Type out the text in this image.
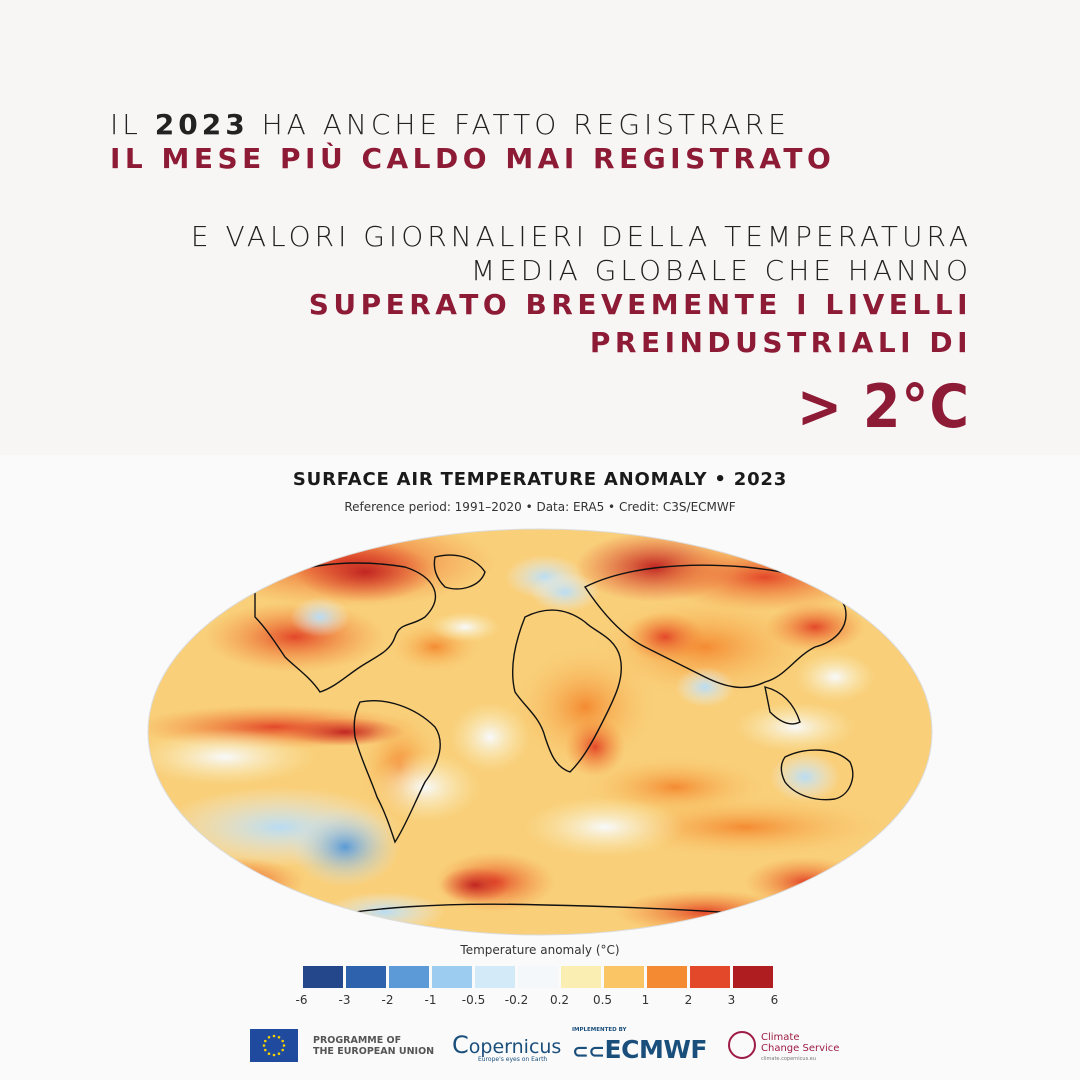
IL 2023 HA ANCHE FATTO REGISTRARE
IL MESE PIÙ CALDO MAI REGISTRATO
E VALORI GIORNALIERI DELLA TEMPERATURA
MEDIA GLOBALE CHE HANNO
SUPERATO BREVEMENTE I LIVELLI
PREINDUSTRIALI DI
> 2°C
SURFACE AIR TEMPERATURE ANOMALY • 2023
Reference period: 1991–2020 • Data: ERA5 • Credit: C3S/ECMWF
Temperature anomaly (°C)
-6	-3	-2	-1 -0.5 -0.2 0.2 0.5 1	2	3	6
PROGRAMME OF
THE EUROPEAN UNION Copernicus
Europe's eyes on Earth
IMPLEMENTED BY
⊂⊂ECMWF	Climate
Change Service
climate.copernicus.eu
